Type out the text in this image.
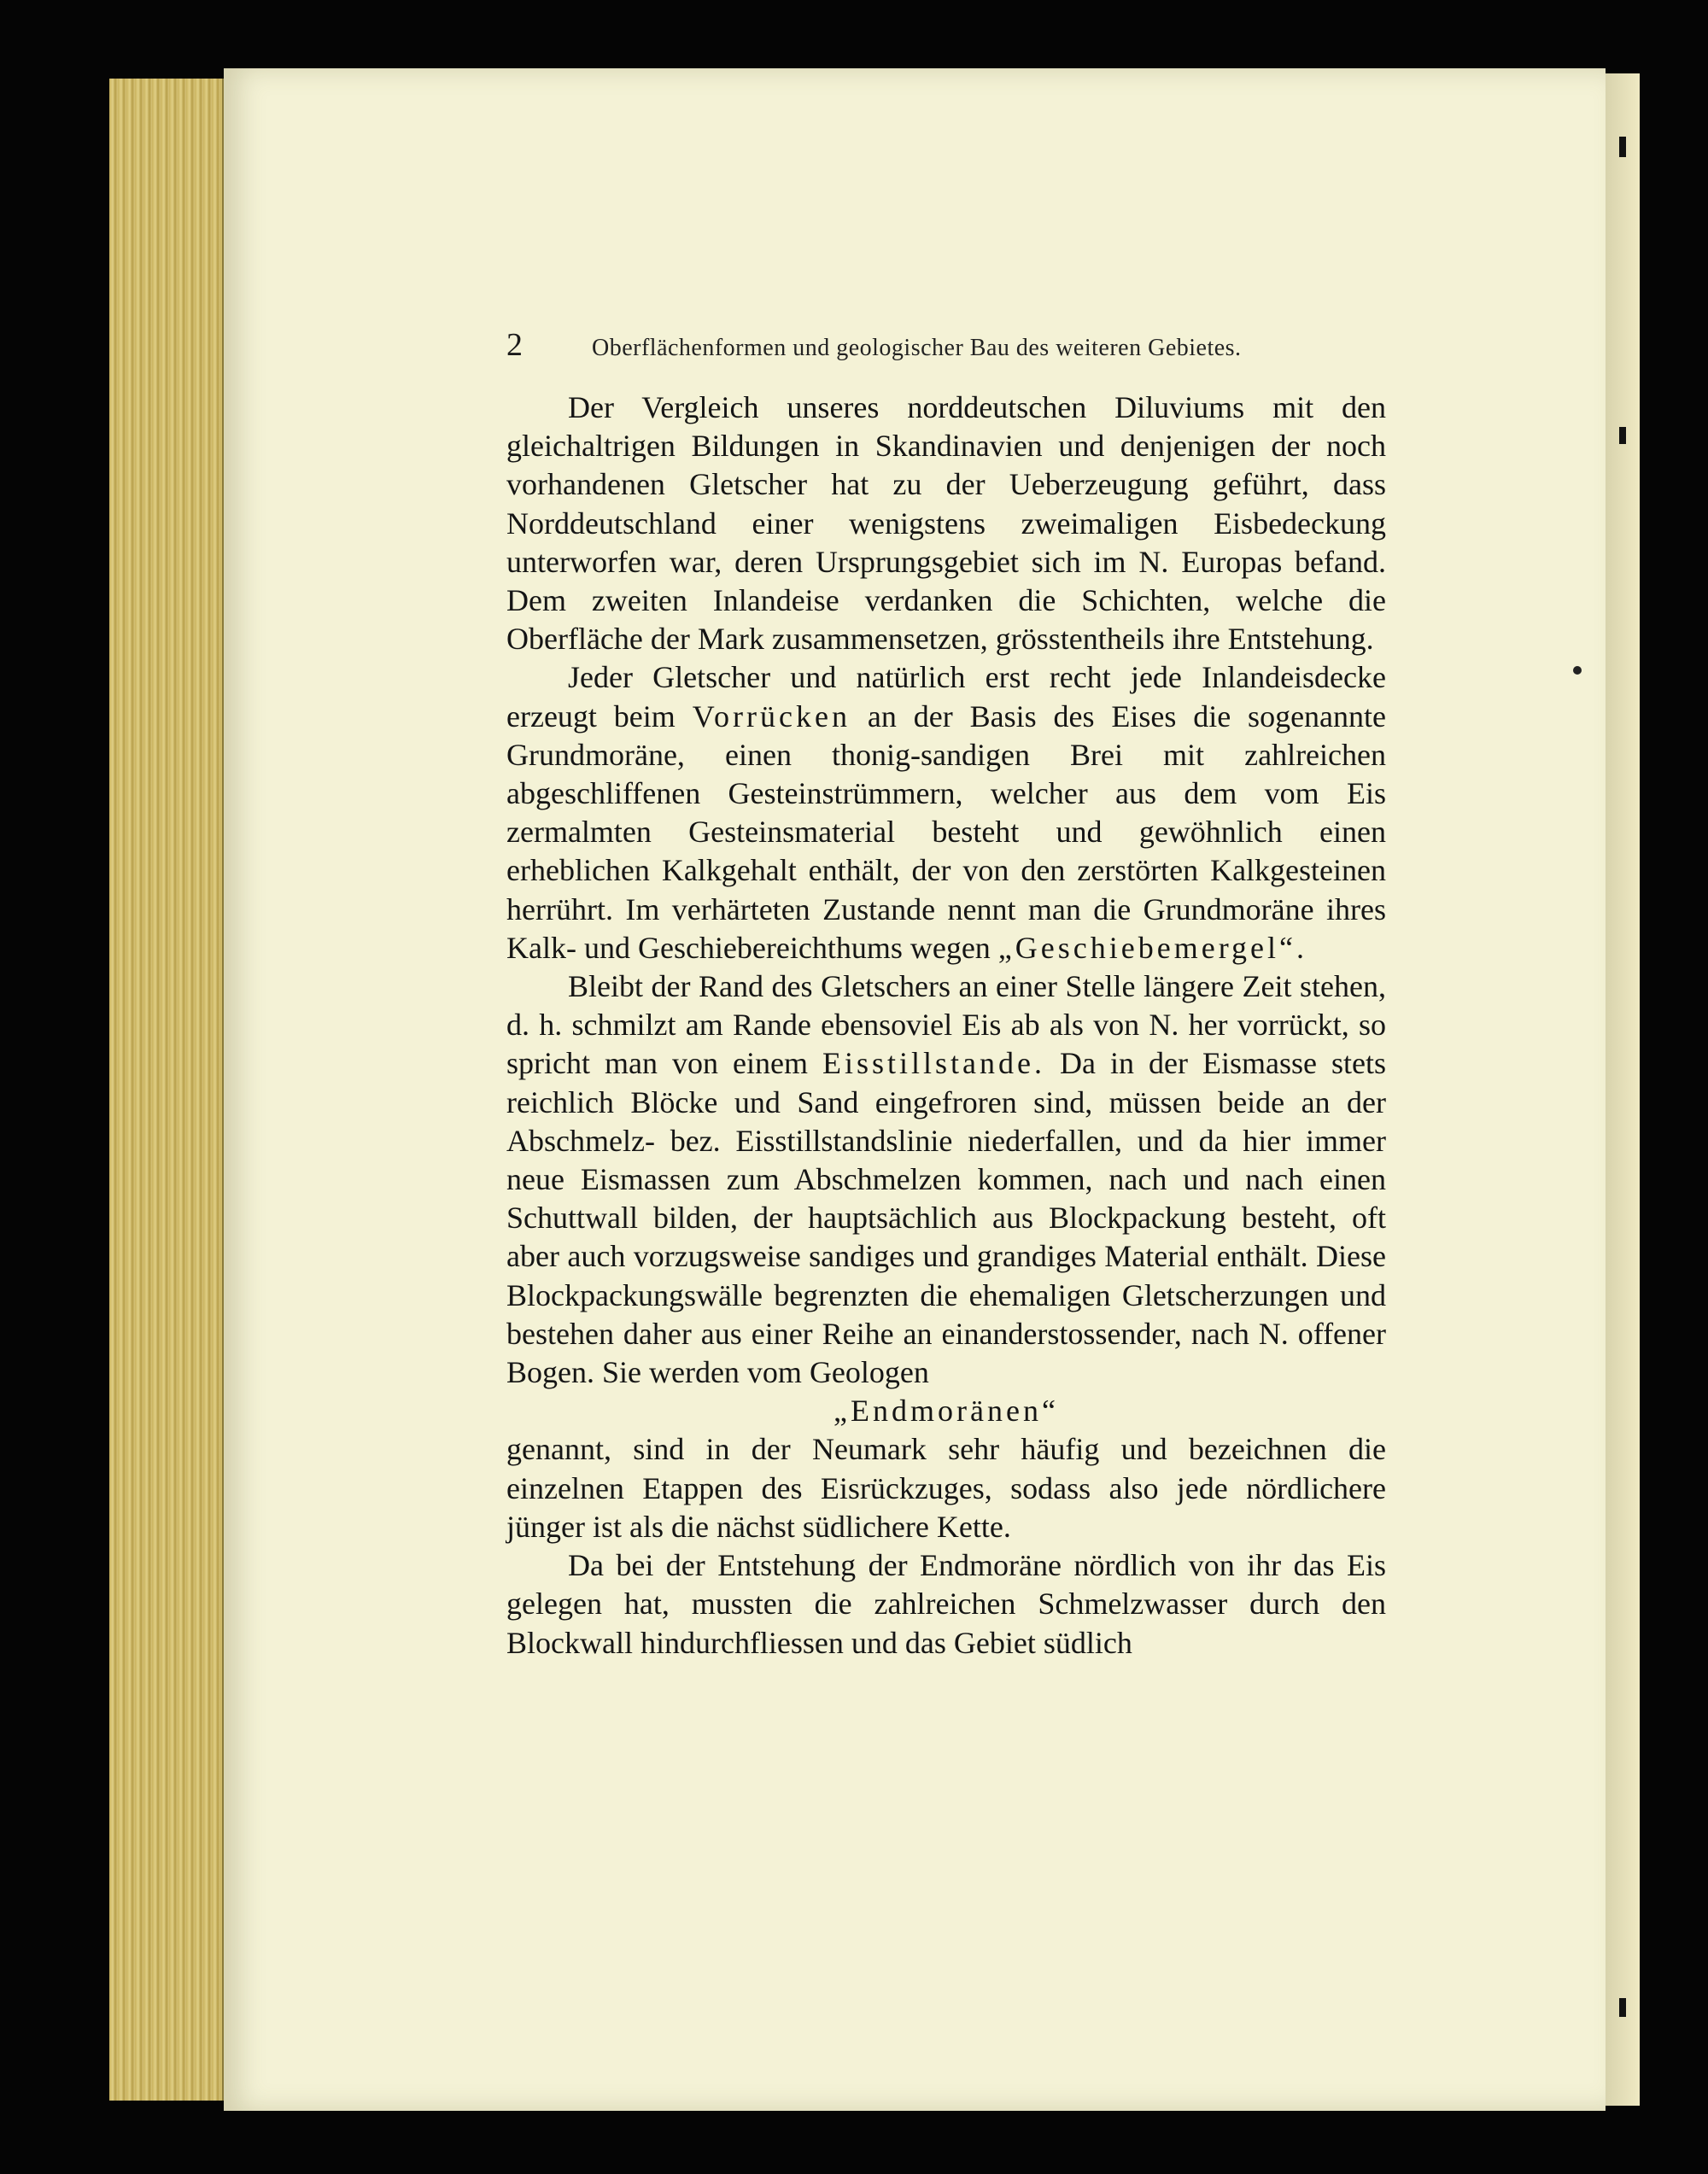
2	Oberflächenformen und geologischer Bau des weiteren Gebietes.

Der Vergleich unseres norddeutschen Diluviums mit den gleichaltrigen Bildungen in Skandinavien und denjenigen der noch vorhandenen Gletscher hat zu der Ueberzeugung geführt, dass Norddeutschland einer wenigstens zweimaligen Eisbedeckung unterworfen war, deren Ursprungsgebiet sich im N. Europas befand. Dem zweiten Inlandeise verdanken die Schichten, welche die Oberfläche der Mark zusammensetzen, grösstentheils ihre Entstehung.

Jeder Gletscher und natürlich erst recht jede Inlandeisdecke erzeugt beim Vorrücken an der Basis des Eises die sogenannte Grundmoräne, einen thonig-sandigen Brei mit zahlreichen abgeschliffenen Gesteinstrümmern, welcher aus dem vom Eis zermalmten Gesteinsmaterial besteht und gewöhnlich einen erheblichen Kalkgehalt enthält, der von den zerstörten Kalkgesteinen herrührt. Im verhärteten Zustande nennt man die Grundmoräne ihres Kalk- und Geschiebereichthums wegen „Geschiebemergel“.

Bleibt der Rand des Gletschers an einer Stelle längere Zeit stehen, d. h. schmilzt am Rande ebensoviel Eis ab als von N. her vorrückt, so spricht man von einem Eisstillstande. Da in der Eismasse stets reichlich Blöcke und Sand eingefroren sind, müssen beide an der Abschmelz- bez. Eisstillstandslinie niederfallen, und da hier immer neue Eismassen zum Abschmelzen kommen, nach und nach einen Schuttwall bilden, der hauptsächlich aus Blockpackung besteht, oft aber auch vorzugsweise sandiges und grandiges Material enthält. Diese Blockpackungswälle begrenzten die ehemaligen Gletscherzungen und bestehen daher aus einer Reihe an einanderstossender, nach N. offener Bogen. Sie werden vom Geologen

„Endmoränen“

genannt, sind in der Neumark sehr häufig und bezeichnen die einzelnen Etappen des Eisrückzuges, sodass also jede nördlichere jünger ist als die nächst südlichere Kette.

Da bei der Entstehung der Endmoräne nördlich von ihr das Eis gelegen hat, mussten die zahlreichen Schmelzwasser durch den Blockwall hindurchfliessen und das Gebiet südlich
